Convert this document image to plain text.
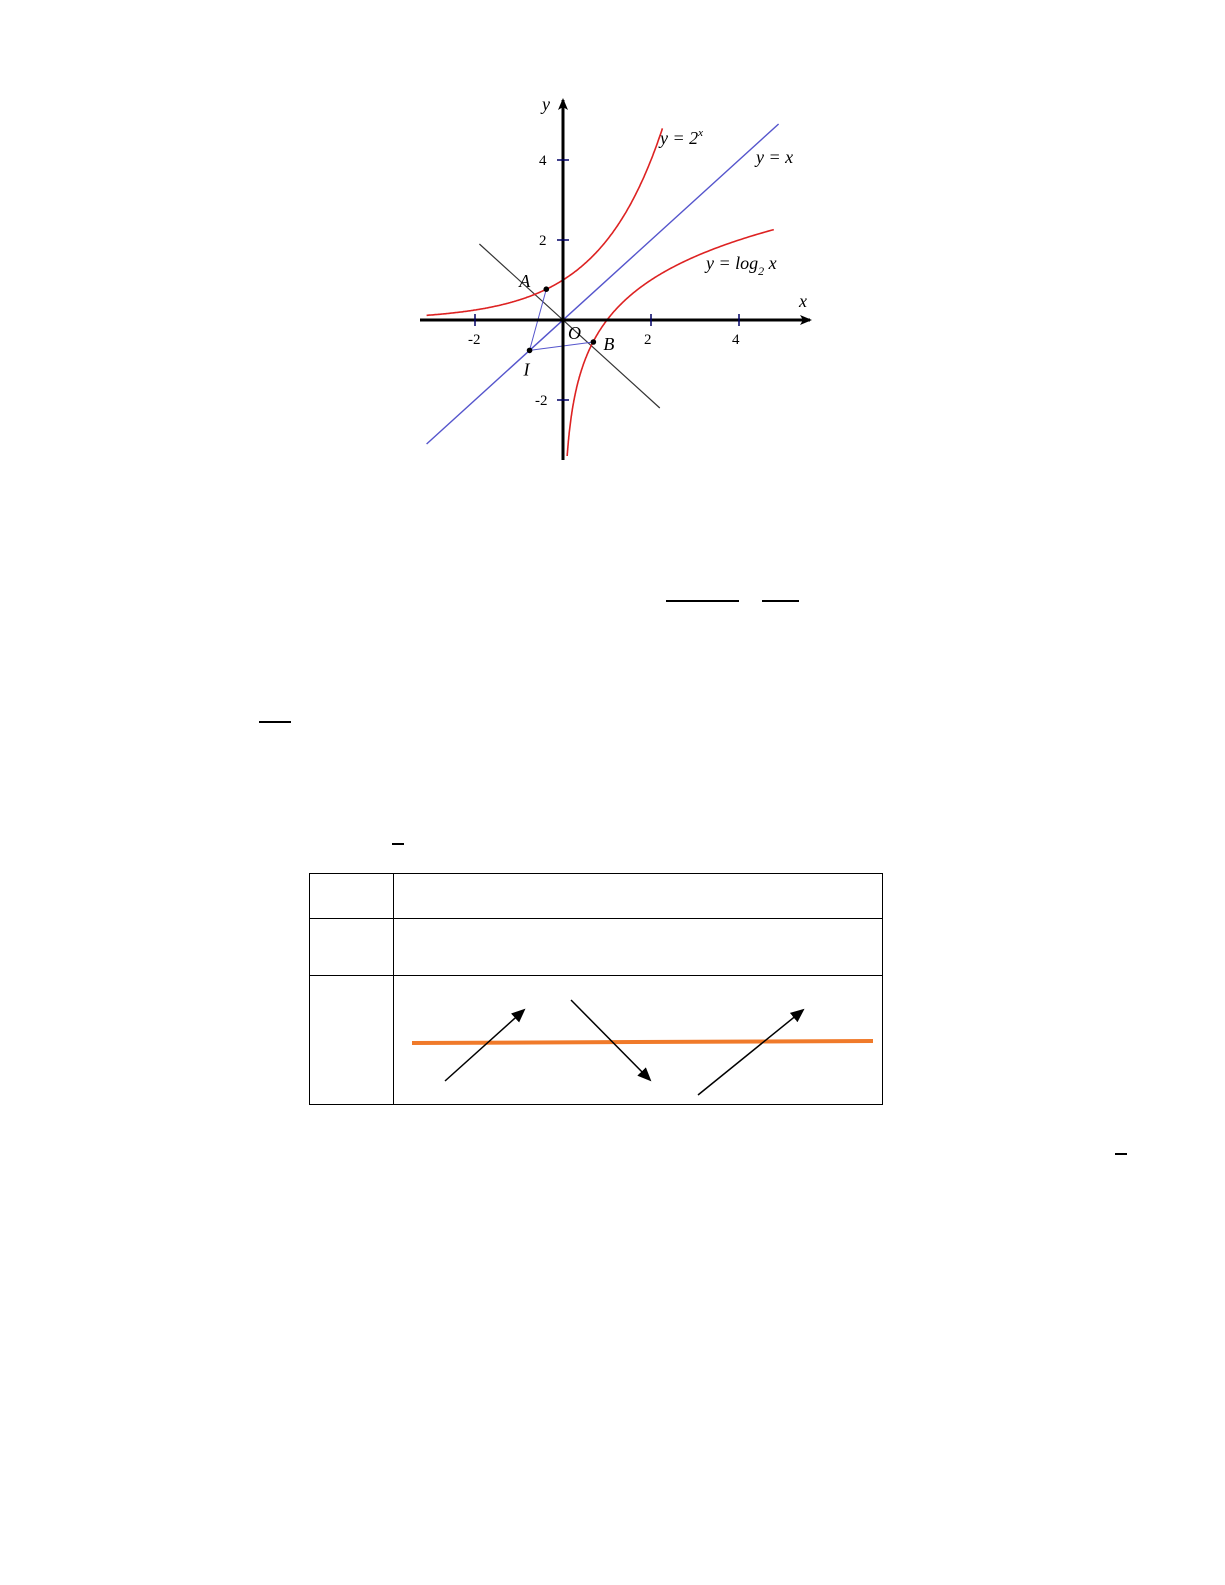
-2	2	4
4
2
-2
x
y
O
$y = 2^x$
y = x
$y = \log_2 x$
A
B
I
